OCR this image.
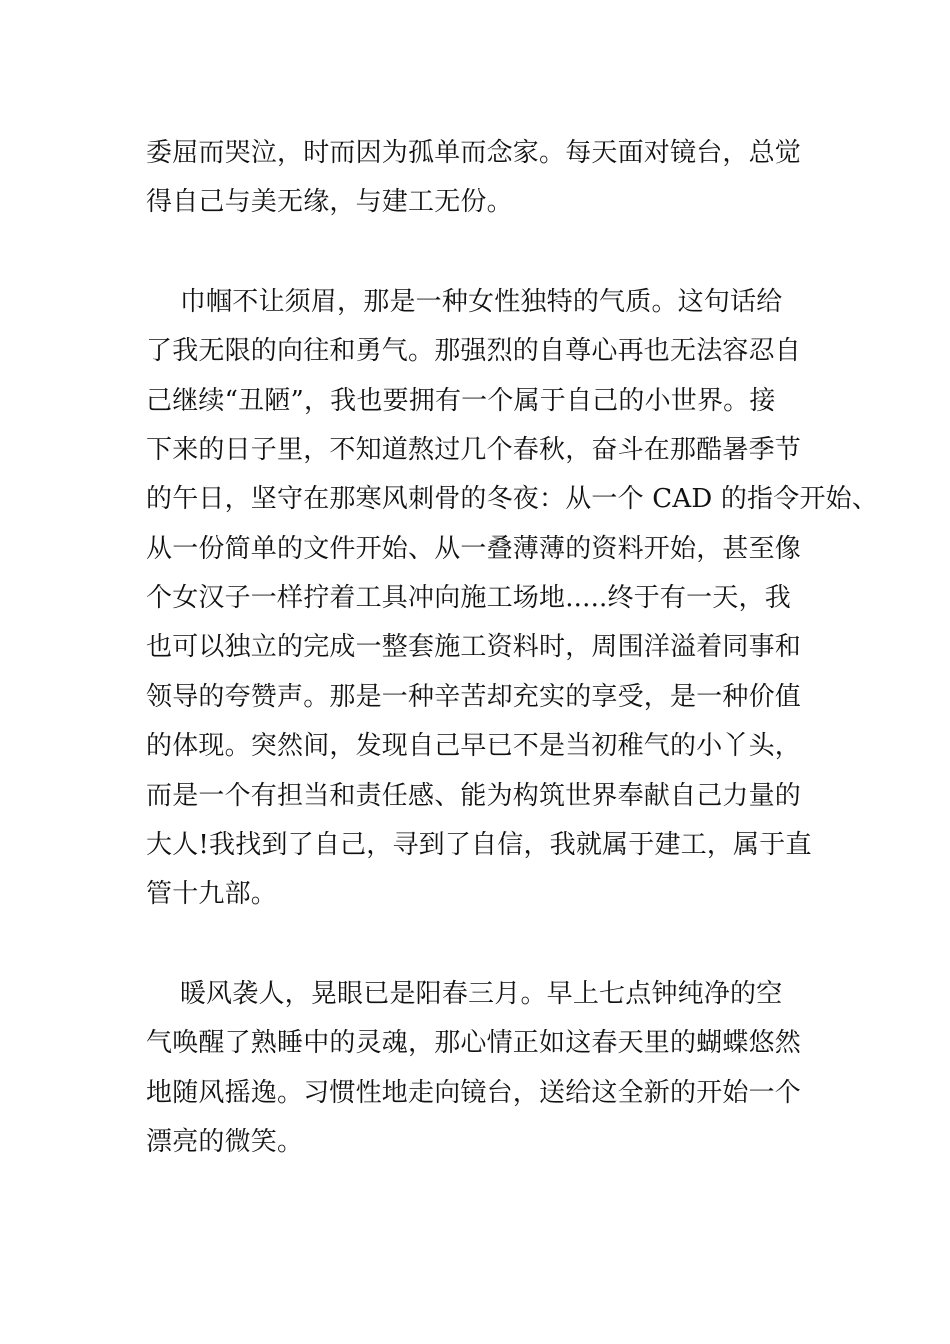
委屈而哭泣，时而因为孤单而念家。每天面对镜台，总觉
得自己与美无缘，与建工无份。
巾帼不让须眉，那是一种女性独特的气质。这句话给
了我无限的向往和勇气。那强烈的自尊心再也无法容忍自
己继续“丑陋”，我也要拥有一个属于自己的小世界。接
下来的日子里，不知道熬过几个春秋，奋斗在那酷暑季节
的午日，坚守在那寒风刺骨的冬夜：从一个 CAD 的指令开始、
从一份简单的文件开始、从一叠薄薄的资料开始，甚至像
个女汉子一样拧着工具冲向施工场地.....终于有一天，我
也可以独立的完成一整套施工资料时，周围洋溢着同事和
领导的夸赞声。那是一种辛苦却充实的享受，是一种价值
的体现。突然间，发现自己早已不是当初稚气的小丫头，
而是一个有担当和责任感、能为构筑世界奉献自己力量的
大人!我找到了自己，寻到了自信，我就属于建工，属于直
管十九部。
暖风袭人，晃眼已是阳春三月。早上七点钟纯净的空
气唤醒了熟睡中的灵魂，那心情正如这春天里的蝴蝶悠然
地随风摇逸。习惯性地走向镜台，送给这全新的开始一个
漂亮的微笑。
